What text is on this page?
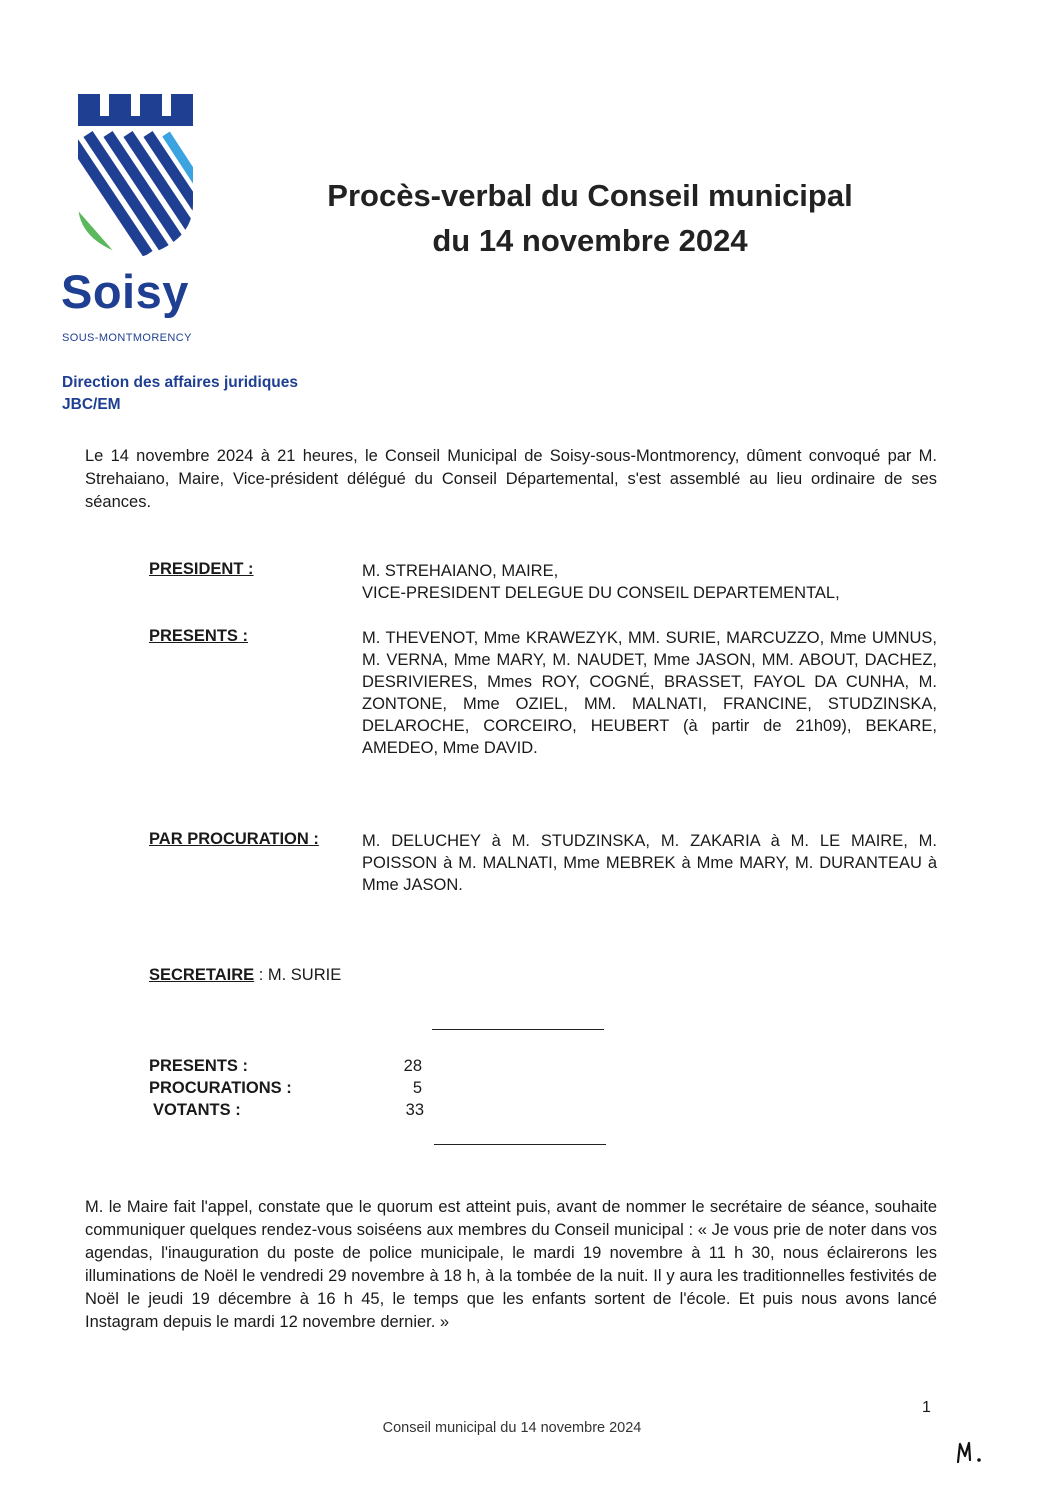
Soisy
SOUS-MONTMORENCY
Procès-verbal du Conseil municipal
du 14 novembre 2024
Direction des affaires juridiques
JBC/EM
Le 14 novembre 2024 à 21 heures, le Conseil Municipal de Soisy-sous-Montmorency, dûment convoqué par M. Strehaiano, Maire, Vice-président délégué du Conseil Départemental, s'est assemblé au lieu ordinaire de ses séances.
PRESIDENT :	M. STREHAIANO, MAIRE,
VICE-PRESIDENT DELEGUE DU CONSEIL DEPARTEMENTAL,
PRESENTS :	M. THEVENOT, Mme KRAWEZYK, MM. SURIE, MARCUZZO, Mme UMNUS, M. VERNA, Mme MARY, M. NAUDET, Mme JASON, MM. ABOUT, DACHEZ, DESRIVIERES, Mmes ROY, COGNÉ, BRASSET, FAYOL DA CUNHA, M. ZONTONE, Mme OZIEL, MM. MALNATI, FRANCINE, STUDZINSKA, DELAROCHE, CORCEIRO, HEUBERT (à partir de 21h09), BEKARE, AMEDEO, Mme DAVID.
PAR PROCURATION :	M. DELUCHEY à M. STUDZINSKA, M. ZAKARIA à M. LE MAIRE, M. POISSON à M. MALNATI, Mme MEBREK à Mme MARY, M. DURANTEAU à Mme JASON.
SECRETAIRE : M. SURIE
PRESENTS :	28
PROCURATIONS :	5
VOTANTS :	33
M. le Maire fait l'appel, constate que le quorum est atteint puis, avant de nommer le secrétaire de séance, souhaite communiquer quelques rendez-vous soiséens aux membres du Conseil municipal : « Je vous prie de noter dans vos agendas, l'inauguration du poste de police municipale, le mardi 19 novembre à 11 h 30, nous éclairerons les illuminations de Noël le vendredi 29 novembre à 18 h, à la tombée de la nuit. Il y aura les traditionnelles festivités de Noël le jeudi 19 décembre à 16 h 45, le temps que les enfants sortent de l'école. Et puis nous avons lancé Instagram depuis le mardi 12 novembre dernier. »
1
Conseil municipal du 14 novembre 2024
